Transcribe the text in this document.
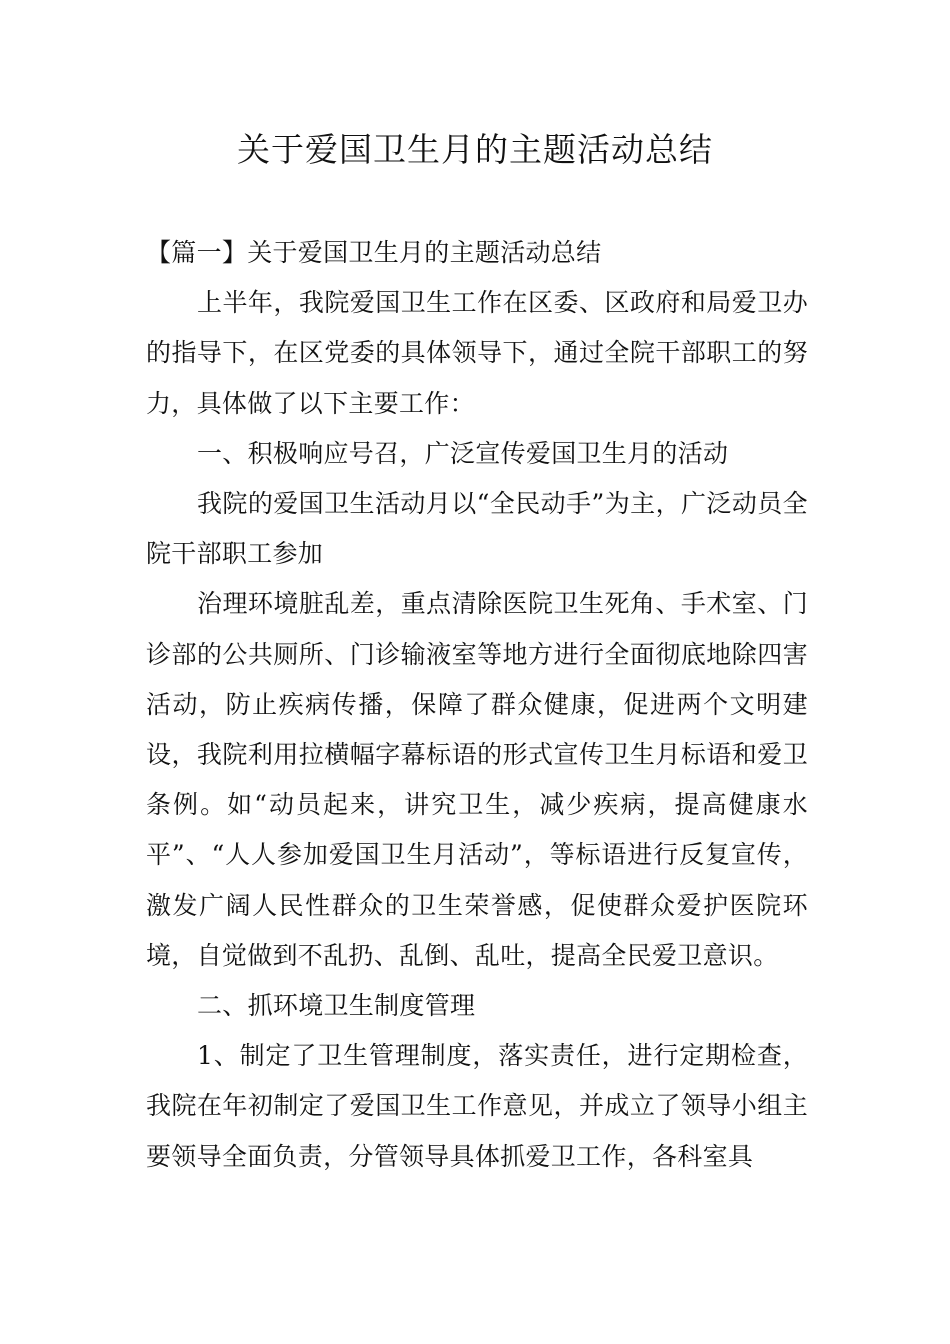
关于爱国卫生月的主题活动总结

【篇一】关于爱国卫生月的主题活动总结

上半年，我院爱国卫生工作在区委、区政府和局爱卫办的指导下，在区党委的具体领导下，通过全院干部职工的努力，具体做了以下主要工作：

一、积极响应号召，广泛宣传爱国卫生月的活动

我院的爱国卫生活动月以“全民动手”为主，广泛动员全院干部职工参加

治理环境脏乱差，重点清除医院卫生死角、手术室、门诊部的公共厕所、门诊输液室等地方进行全面彻底地除四害活动，防止疾病传播，保障了群众健康，促进两个文明建设，我院利用拉横幅字幕标语的形式宣传卫生月标语和爱卫条例。如“动员起来，讲究卫生，减少疾病，提高健康水平”、“人人参加爱国卫生月活动”，等标语进行反复宣传，激发广阔人民性群众的卫生荣誉感，促使群众爱护医院环境，自觉做到不乱扔、乱倒、乱吐，提高全民爱卫意识。

二、抓环境卫生制度管理

1、制定了卫生管理制度，落实责任，进行定期检查，我院在年初制定了爱国卫生工作意见，并成立了领导小组主要领导全面负责，分管领导具体抓爱卫工作，各科室具
